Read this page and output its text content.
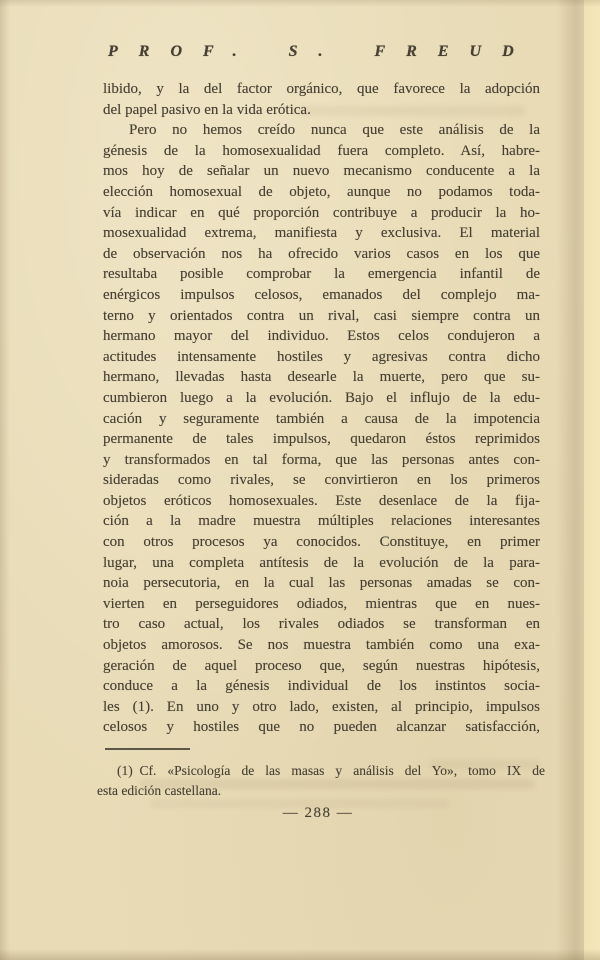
PROF. S. FREUD
libido, y la del factor orgánico, que favorece la adopción
del papel pasivo en la vida erótica.
Pero no hemos creído nunca que este análisis de la
génesis de la homosexualidad fuera completo. Así, habre-
mos hoy de señalar un nuevo mecanismo conducente a la
elección homosexual de objeto, aunque no podamos toda-
vía indicar en qué proporción contribuye a producir la ho-
mosexualidad extrema, manifiesta y exclusiva. El material
de observación nos ha ofrecido varios casos en los que
resultaba posible comprobar la emergencia infantil de
enérgicos impulsos celosos, emanados del complejo ma-
terno y orientados contra un rival, casi siempre contra un
hermano mayor del individuo. Estos celos condujeron a
actitudes intensamente hostiles y agresivas contra dicho
hermano, llevadas hasta desearle la muerte, pero que su-
cumbieron luego a la evolución. Bajo el influjo de la edu-
cación y seguramente también a causa de la impotencia
permanente de tales impulsos, quedaron éstos reprimidos
y transformados en tal forma, que las personas antes con-
sideradas como rivales, se convirtieron en los primeros
objetos eróticos homosexuales. Este desenlace de la fija-
ción a la madre muestra múltiples relaciones interesantes
con otros procesos ya conocidos. Constituye, en primer
lugar, una completa antítesis de la evolución de la para-
noia persecutoria, en la cual las personas amadas se con-
vierten en perseguidores odiados, mientras que en nues-
tro caso actual, los rivales odiados se transforman en
objetos amorosos. Se nos muestra también como una exa-
geración de aquel proceso que, según nuestras hipótesis,
conduce a la génesis individual de los instintos socia-
les (1). En uno y otro lado, existen, al principio, impulsos
celosos y hostiles que no pueden alcanzar satisfacción,
(1) Cf. «Psicología de las masas y análisis del Yo», tomo IX de
esta edición castellana.
— 288 —
